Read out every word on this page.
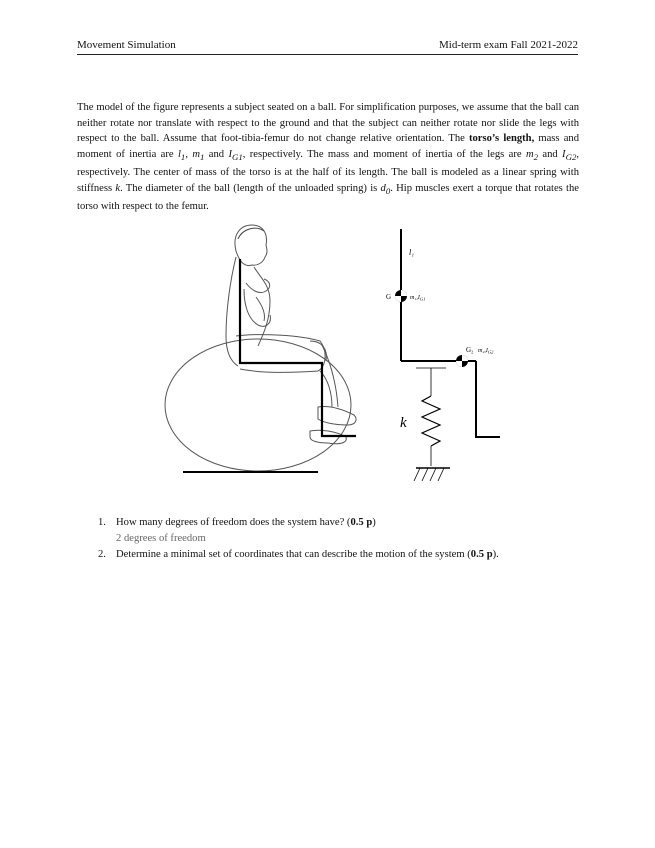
Movement Simulation	Mid-term exam Fall 2021-2022

The model of the figure represents a subject seated on a ball. For simplification purposes, we assume that the ball can neither rotate nor translate with respect to the ground and that the subject can neither rotate nor slide the legs with respect to the ball. Assume that foot-tibia-femur do not change relative orientation. The torso’s length, mass and moment of inertia are $l_1$, $m_1$ and $I_{G1}$, respectively. The mass and moment of inertia of the legs are $m_2$ and $I_{G2}$, respectively. The center of mass of the torso is at the half of its length. The ball is modeled as a linear spring with stiffness k. The diameter of the ball (length of the unloaded spring) is $d_0$. Hip muscles exert a torque that rotates the torso with respect to the femur.

l₁
G	$m_1,I_{G1}$
G₂ $m_2,I_{G2}$
k
1. How many degrees of freedom does the system have? (0.5 p)
2 degrees of freedom
2. Determine a minimal set of coordinates that can describe the motion of the system (0.5 p).
